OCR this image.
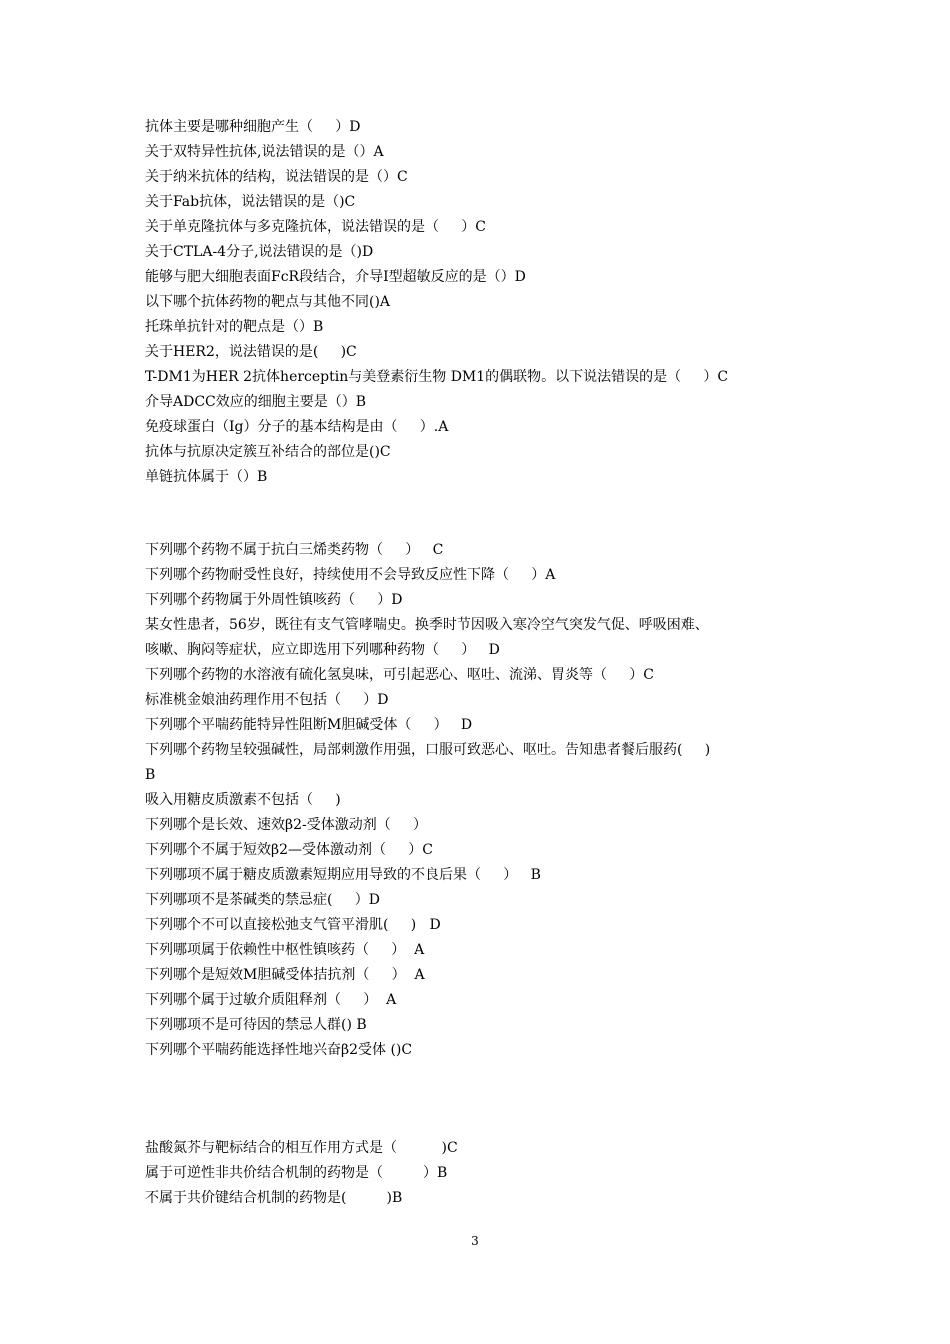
抗体主要是哪种细胞产生（     ）D
关于双特异性抗体,说法错误的是（）A
关于纳米抗体的结构，说法错误的是（）C
关于Fab抗体，说法错误的是（)C
关于单克隆抗体与多克隆抗体，说法错误的是（     ）C
关于CTLA-4分子,说法错误的是（)D
能够与肥大细胞表面FcR段结合，介导I型超敏反应的是（）D
以下哪个抗体药物的靶点与其他不同()A
托珠单抗针对的靶点是（）B
关于HER2，说法错误的是(     )C
T-DM1为HER 2抗体herceptin与美登素衍生物 DM1的偶联物。以下说法错误的是（     ）C
介导ADCC效应的细胞主要是（）B
免疫球蛋白（Ig）分子的基本结构是由（     ）.A
抗体与抗原决定簇互补结合的部位是()C
单链抗体属于（）B
下列哪个药物不属于抗白三烯类药物（     ）   C
下列哪个药物耐受性良好，持续使用不会导致反应性下降（     ）A
下列哪个药物属于外周性镇咳药（     ）D
某女性患者，56岁，既往有支气管哮喘史。换季时节因吸入寒冷空气突发气促、呼吸困难、
咳嗽、胸闷等症状，应立即选用下列哪种药物（     ）   D
下列哪个药物的水溶液有硫化氢臭味，可引起恶心、呕吐、流涕、胃炎等（     ）C
标准桃金娘油药理作用不包括（     ）D
下列哪个平喘药能特异性阻断M胆碱受体（     ）   D
下列哪个药物呈较强碱性，局部刺激作用强，口服可致恶心、呕吐。告知患者餐后服药(     )
B
吸入用糖皮质激素不包括（     )
下列哪个是长效、速效β2-受体激动剂（     ）
下列哪个不属于短效β2—受体激动剂（     ）C
下列哪项不属于糖皮质激素短期应用导致的不良后果（     ）   B
下列哪项不是茶碱类的禁忌症(     ）D
下列哪个不可以直接松弛支气管平滑肌(     )   D
下列哪项属于依赖性中枢性镇咳药（     ）  A
下列哪个是短效M胆碱受体拮抗剂（     ）  A
下列哪个属于过敏介质阻释剂（     ）  A
下列哪项不是可待因的禁忌人群() B
下列哪个平喘药能选择性地兴奋β2受体 ()C
盐酸氮芥与靶标结合的相互作用方式是（          )C
属于可逆性非共价结合机制的药物是（         ）B
不属于共价键结合机制的药物是(         )B
3
